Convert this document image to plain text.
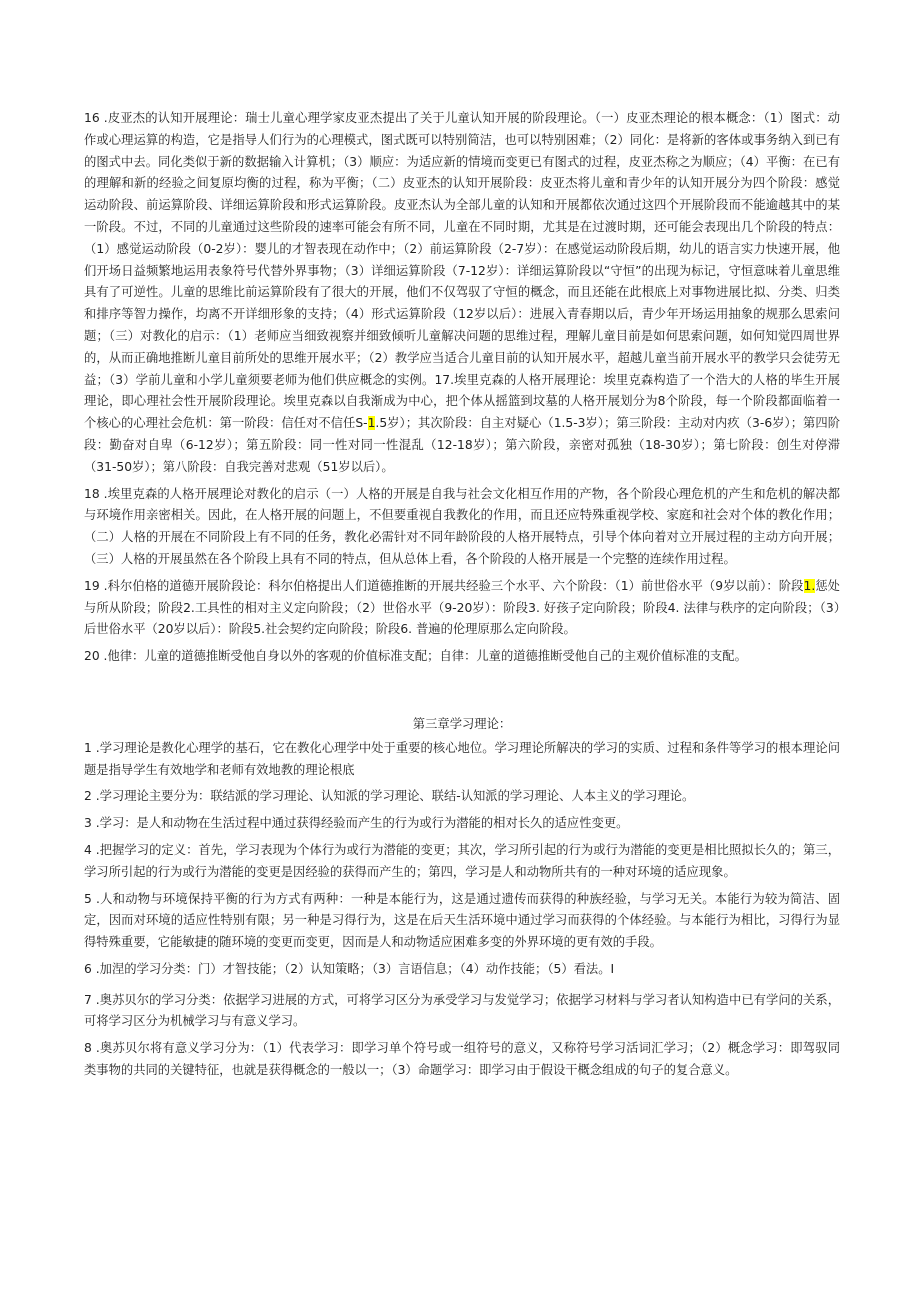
16 .皮亚杰的认知开展理论：瑞士儿童心理学家皮亚杰提出了关于儿童认知开展的阶段理论。（一）皮亚杰理论的根本概念：（1）图式：动作或心理运算的构造，它是指导人们行为的心理模式，图式既可以特别简洁，也可以特别困难；（2）同化：是将新的客体或事务纳入到已有的图式中去。同化类似于新的数据输入计算机；（3）顺应：为适应新的情境而变更已有图式的过程，皮亚杰称之为顺应；（4）平衡：在已有的理解和新的经验之间复原均衡的过程，称为平衡；（二）皮亚杰的认知开展阶段：皮亚杰将儿童和青少年的认知开展分为四个阶段：感觉运动阶段、前运算阶段、详细运算阶段和形式运算阶段。皮亚杰认为全部儿童的认知和开展都依次通过这四个开展阶段而不能逾越其中的某一阶段。不过，不同的儿童通过这些阶段的速率可能会有所不同，儿童在不同时期，尤其是在过渡时期，还可能会表现出几个阶段的特点：（1）感觉运动阶段（0-2岁）：婴儿的才智表现在动作中；（2）前运算阶段（2-7岁）：在感觉运动阶段后期，幼儿的语言实力快速开展，他们开场日益频繁地运用表象符号代替外界事物；（3）详细运算阶段（7-12岁）：详细运算阶段以“守恒”的出现为标记，守恒意味着儿童思维具有了可逆性。儿童的思维比前运算阶段有了很大的开展，他们不仅驾驭了守恒的概念，而且还能在此根底上对事物进展比拟、分类、归类和排序等智力操作，均离不开详细形象的支持；（4）形式运算阶段（12岁以后）：进展入青春期以后，青少年开场运用抽象的规那么思索问题；（三）对教化的启示：（1）老师应当细致视察并细致倾听儿童解决问题的思维过程，理解儿童目前是如何思索问题，如何知觉四周世界的，从而正确地推断儿童目前所处的思维开展水平；（2）教学应当适合儿童目前的认知开展水平，超越儿童当前开展水平的教学只会徒劳无益；（3）学前儿童和小学儿童须要老师为他们供应概念的实例。17.埃里克森的人格开展理论：埃里克森构造了一个浩大的人格的毕生开展理论，即心理社会性开展阶段理论。埃里克森以自我渐成为中心，把个体从摇篮到坟墓的人格开展划分为8个阶段，每一个阶段都面临着一个核心的心理社会危机：第一阶段：信任对不信任S-1.5岁）；其次阶段：自主对疑心（1.5-3岁）；第三阶段：主动对内疚（3-6岁）；第四阶段：勤奋对自卑（6-12岁）；第五阶段：同一性对同一性混乱（12-18岁）；第六阶段，亲密对孤独（18-30岁）；第七阶段：创生对停滞（31-50岁）；第八阶段：自我完善对悲观（51岁以后）。

18 .埃里克森的人格开展理论对教化的启示（一）人格的开展是自我与社会文化相互作用的产物，各个阶段心理危机的产生和危机的解决都与环境作用亲密相关。因此，在人格开展的问题上，不但要重视自我教化的作用，而且还应特殊重视学校、家庭和社会对个体的教化作用；（二）人格的开展在不同阶段上有不同的任务，教化必需针对不同年龄阶段的人格开展特点，引导个体向着对立开展过程的主动方向开展；（三）人格的开展虽然在各个阶段上具有不同的特点，但从总体上看，各个阶段的人格开展是一个完整的连续作用过程。

19 .科尔伯格的道德开展阶段论：科尔伯格提出人们道德推断的开展共经验三个水平、六个阶段：（1）前世俗水平（9岁以前）：阶段1.惩处与所从阶段；阶段2.工具性的相对主义定向阶段；（2）世俗水平（9-20岁）：阶段3. 好孩子定向阶段；阶段4. 法律与秩序的定向阶段；（3）后世俗水平（20岁以后）：阶段5.社会契约定向阶段；阶段6. 普遍的伦理原那么定向阶段。

20 .他律：儿童的道德推断受他自身以外的客观的价值标准支配；自律：儿童的道德推断受他自己的主观价值标准的支配。

第三章学习理论：

1 .学习理论是教化心理学的基石，它在教化心理学中处于重要的核心地位。学习理论所解决的学习的实质、过程和条件等学习的根本理论问题是指导学生有效地学和老师有效地教的理论根底

2 .学习理论主要分为：联结派的学习理论、认知派的学习理论、联结-认知派的学习理论、人本主义的学习理论。

3 .学习：是人和动物在生活过程中通过获得经验而产生的行为或行为潜能的相对长久的适应性变更。

4 .把握学习的定义：首先，学习表现为个体行为或行为潜能的变更；其次，学习所引起的行为或行为潜能的变更是相比照拟长久的；第三，学习所引起的行为或行为潜能的变更是因经验的获得而产生的；第四，学习是人和动物所共有的一种对环境的适应现象。

5 .人和动物与环境保持平衡的行为方式有两种：一种是本能行为，这是通过遗传而获得的种族经验，与学习无关。本能行为较为简洁、固定，因而对环境的适应性特别有限；另一种是习得行为，这是在后天生活环境中通过学习而获得的个体经验。与本能行为相比，习得行为显得特殊重要，它能敏捷的随环境的变更而变更，因而是人和动物适应困难多变的外界环境的更有效的手段。

6 .加涅的学习分类：门）才智技能；（2）认知策略；（3）言语信息；（4）动作技能；（5）看法。I

7 .奥苏贝尔的学习分类：依据学习进展的方式，可将学习区分为承受学习与发觉学习；依据学习材料与学习者认知构造中已有学问的关系，可将学习区分为机械学习与有意义学习。

8 .奥苏贝尔将有意义学习分为：（1）代表学习：即学习单个符号或一组符号的意义，又称符号学习活词汇学习；（2）概念学习：即驾驭同类事物的共同的关键特征，也就是获得概念的一般以一；（3）命题学习：即学习由于假设干概念组成的句子的复合意义。
